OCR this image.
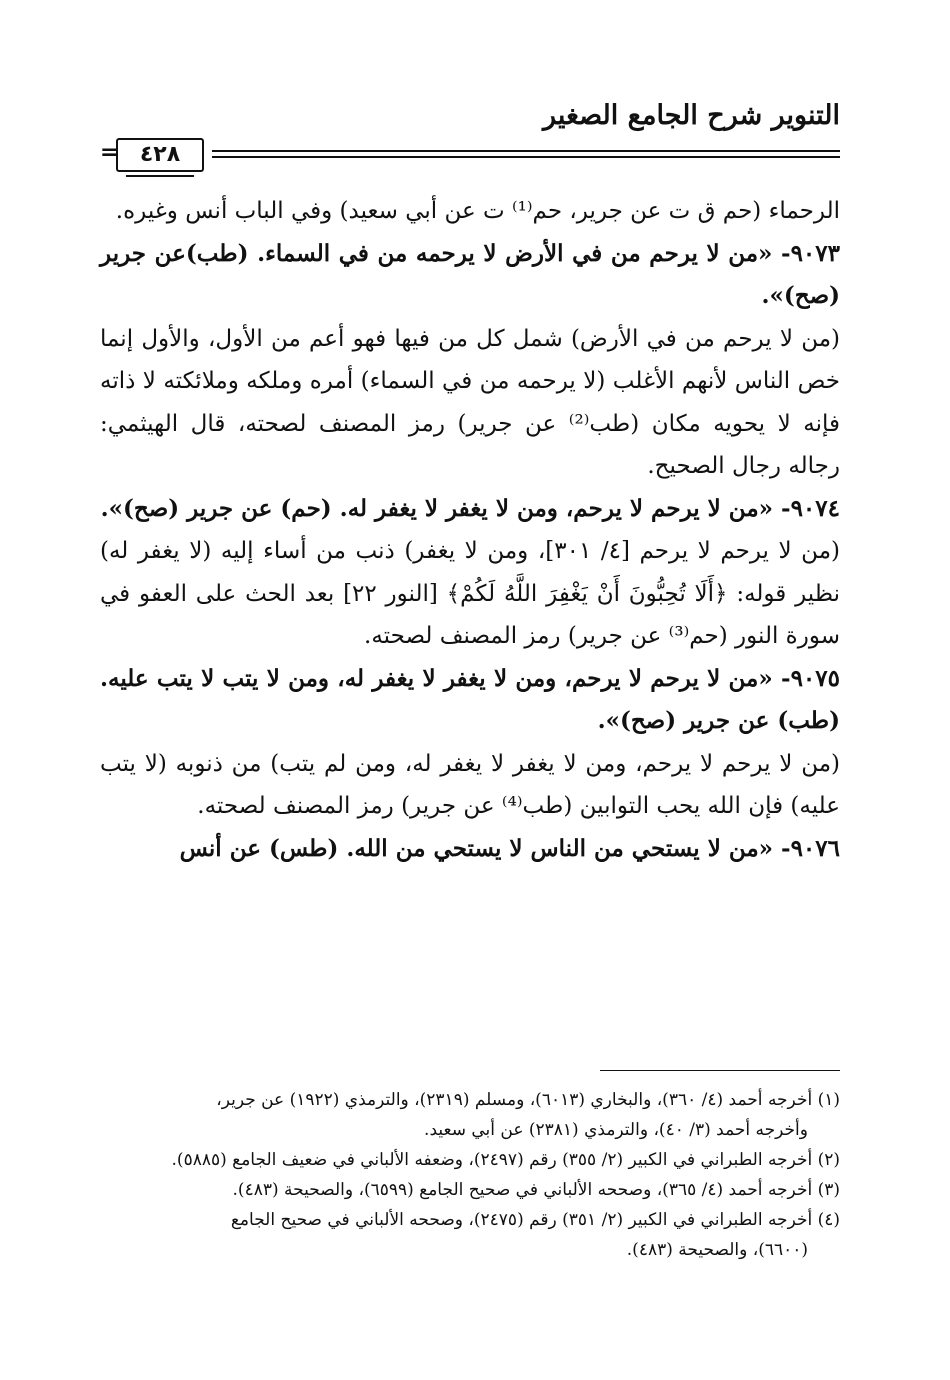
التنوير شرح الجامع الصغير
= ٤٢٨

الرحماء (حم ق ت عن جرير، حم⁽¹⁾ ت عن أبي سعيد) وفي الباب أنس وغيره.

٩٠٧٣- «من لا يرحم من في الأرض لا يرحمه من في السماء. (طب)عن جرير (صح)».

(من لا يرحم من في الأرض) شمل كل من فيها فهو أعم من الأول، والأول إنما خص الناس لأنهم الأغلب (لا يرحمه من في السماء) أمره وملكه وملائكته لا ذاته فإنه لا يحويه مكان (طب⁽²⁾ عن جرير) رمز المصنف لصحته، قال الهيثمي: رجاله رجال الصحيح.

٩٠٧٤- «من لا يرحم لا يرحم، ومن لا يغفر لا يغفر له. (حم) عن جرير (صح)».

(من لا يرحم لا يرحم [٤/ ٣٠١]، ومن لا يغفر) ذنب من أساء إليه (لا يغفر له) نظير قوله: ﴿أَلَا تُحِبُّونَ أَنْ يَغْفِرَ اللَّهُ لَكُمْ﴾ [النور ٢٢] بعد الحث على العفو في سورة النور (حم⁽³⁾ عن جرير) رمز المصنف لصحته.

٩٠٧٥- «من لا يرحم لا يرحم، ومن لا يغفر لا يغفر له، ومن لا يتب لا يتب عليه. (طب) عن جرير (صح)».

(من لا يرحم لا يرحم، ومن لا يغفر لا يغفر له، ومن لم يتب) من ذنوبه (لا يتب عليه) فإن الله يحب التوابين (طب⁽⁴⁾ عن جرير) رمز المصنف لصحته.

٩٠٧٦- «من لا يستحي من الناس لا يستحي من الله. (طس) عن أنس

(١) أخرجه أحمد (٤/ ٣٦٠)، والبخاري (٦٠١٣)، ومسلم (٢٣١٩)، والترمذي (١٩٢٢) عن جرير،

وأخرجه أحمد (٣/ ٤٠)، والترمذي (٢٣٨١) عن أبي سعيد.

(٢) أخرجه الطبراني في الكبير (٢/ ٣٥٥) رقم (٢٤٩٧)، وضعفه الألباني في ضعيف الجامع (٥٨٨٥).

(٣) أخرجه أحمد (٤/ ٣٦٥)، وصححه الألباني في صحيح الجامع (٦٥٩٩)، والصحيحة (٤٨٣).

(٤) أخرجه الطبراني في الكبير (٢/ ٣٥١) رقم (٢٤٧٥)، وصححه الألباني في صحيح الجامع

(٦٦٠٠)، والصحيحة (٤٨٣).
